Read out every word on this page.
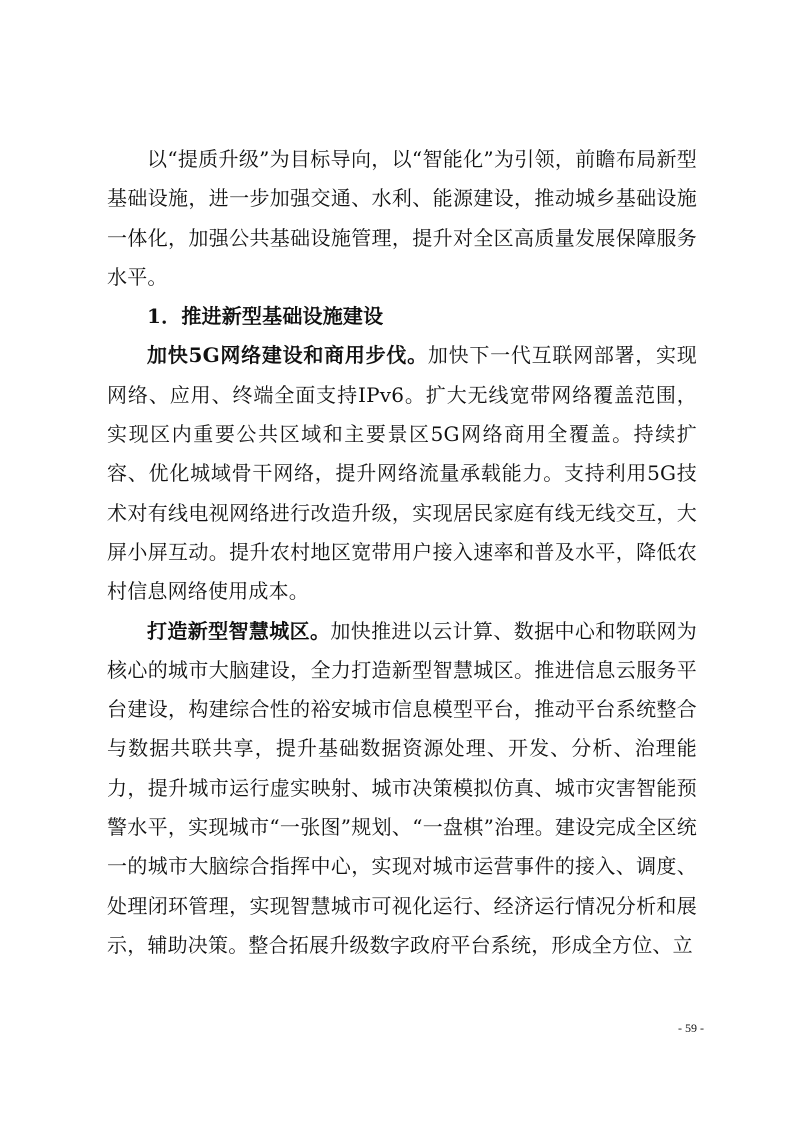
以“提质升级”为目标导向，以“智能化”为引领，前瞻布局新型基础设施，进一步加强交通、水利、能源建设，推动城乡基础设施一体化，加强公共基础设施管理，提升对全区高质量发展保障服务水平。

1．推进新型基础设施建设

加快5G网络建设和商用步伐。加快下一代互联网部署，实现网络、应用、终端全面支持IPv6。扩大无线宽带网络覆盖范围，实现区内重要公共区域和主要景区5G网络商用全覆盖。持续扩容、优化城域骨干网络，提升网络流量承载能力。支持利用5G技术对有线电视网络进行改造升级，实现居民家庭有线无线交互，大屏小屏互动。提升农村地区宽带用户接入速率和普及水平，降低农村信息网络使用成本。

打造新型智慧城区。加快推进以云计算、数据中心和物联网为核心的城市大脑建设，全力打造新型智慧城区。推进信息云服务平台建设，构建综合性的裕安城市信息模型平台，推动平台系统整合与数据共联共享，提升基础数据资源处理、开发、分析、治理能力，提升城市运行虚实映射、城市决策模拟仿真、城市灾害智能预警水平，实现城市“一张图”规划、“一盘棋”治理。建设完成全区统一的城市大脑综合指挥中心，实现对城市运营事件的接入、调度、处理闭环管理，实现智慧城市可视化运行、经济运行情况分析和展示，辅助决策。整合拓展升级数字政府平台系统，形成全方位、立

- 59 -
